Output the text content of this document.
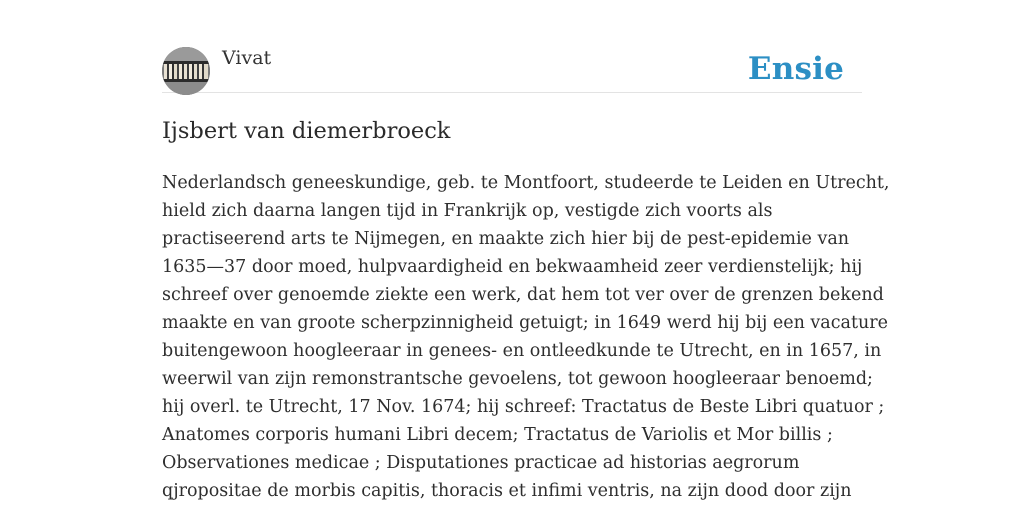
Vivat	Ensie
Ijsbert van diemerbroeck

Nederlandsch geneeskundige, geb. te Montfoort, studeerde te Leiden en Utrecht,
hield zich daarna langen tijd in Frankrijk op, vestigde zich voorts als
practiseerend arts te Nijmegen, en maakte zich hier bij de pest-epidemie van
1635—37 door moed, hulpvaardigheid en bekwaamheid zeer verdienstelijk; hij
schreef over genoemde ziekte een werk, dat hem tot ver over de grenzen bekend
maakte en van groote scherpzinnigheid getuigt; in 1649 werd hij bij een vacature
buitengewoon hoogleeraar in genees- en ontleedkunde te Utrecht, en in 1657, in
weerwil van zijn remonstrantsche gevoelens, tot gewoon hoogleeraar benoemd;
hij overl. te Utrecht, 17 Nov. 1674; hij schreef: Tractatus de Beste Libri quatuor ;
Anatomes corporis humani Libri decem; Tractatus de Variolis et Mor billis ;
Observationes medicae ; Disputationes practicae ad historias aegrorum
qjropositae de morbis capitis, thoracis et infimi ventris, na zijn dood door zijn
